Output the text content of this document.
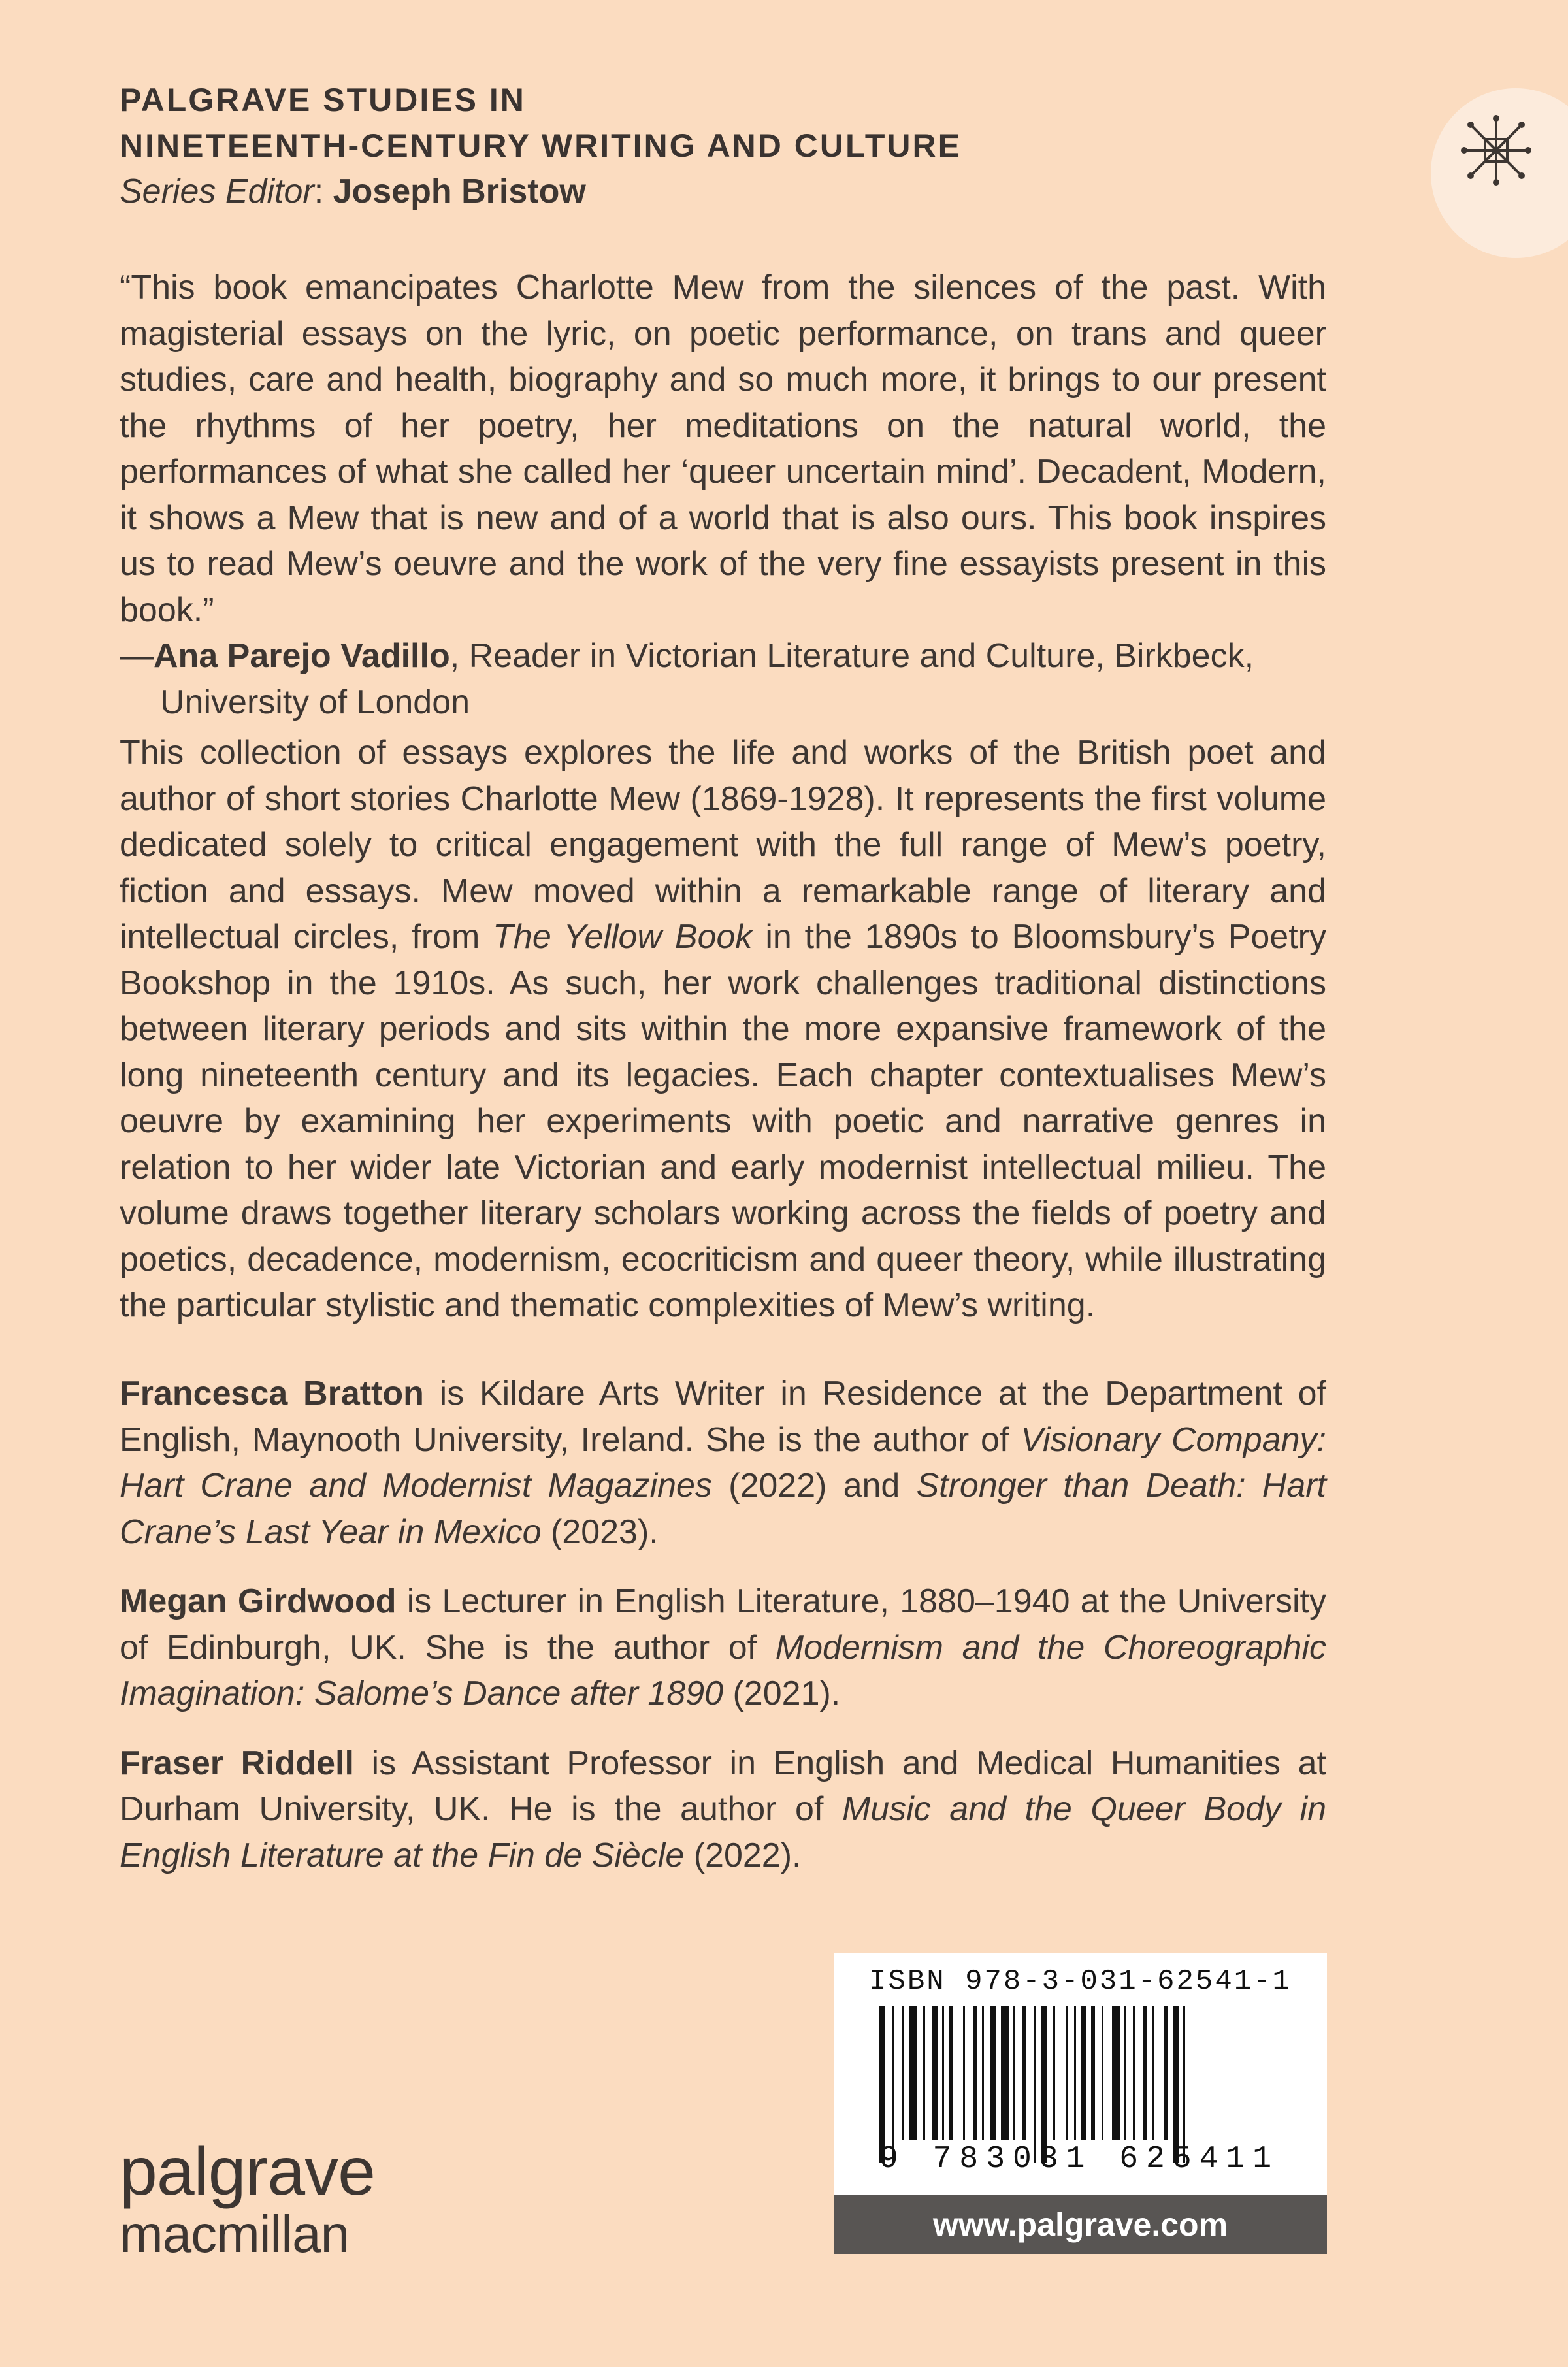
PALGRAVE STUDIES IN

NINETEENTH-CENTURY WRITING AND CULTURE

Series Editor: Joseph Bristow

“This book emancipates Charlotte Mew from the silences of the past. With magisterial essays on the lyric, on poetic performance, on trans and queer studies, care and health, biography and so much more, it brings to our present the rhythms of her poetry, her meditations on the natural world, the performances of what she called her ‘queer uncertain mind’. Decadent, Modern, it shows a Mew that is new and of a world that is also ours. This book inspires us to read Mew’s oeuvre and the work of the very fine essayists present in this book.”

—Ana Parejo Vadillo, Reader in Victorian Literature and Culture, Birkbeck, University of London

This collection of essays explores the life and works of the British poet and author of short stories Charlotte Mew (1869-1928). It represents the first volume dedicated solely to critical engagement with the full range of Mew’s poetry, fiction and essays. Mew moved within a remarkable range of literary and intellectual circles, from The Yellow Book in the 1890s to Bloomsbury’s Poetry Bookshop in the 1910s. As such, her work challenges traditional distinctions between literary periods and sits within the more expansive framework of the long nineteenth century and its legacies. Each chapter contextualises Mew’s oeuvre by examining her experiments with poetic and narrative genres in relation to her wider late Victorian and early modernist intellectual milieu. The volume draws together literary scholars working across the fields of poetry and poetics, decadence, modernism, ecocriticism and queer theory, while illustrating the particular stylistic and thematic complexities of Mew’s writing.

Francesca Bratton is Kildare Arts Writer in Residence at the Department of English, Maynooth University, Ireland. She is the author of Visionary Company: Hart Crane and Modernist Magazines (2022) and Stronger than Death: Hart Crane’s Last Year in Mexico (2023).

Megan Girdwood is Lecturer in English Literature, 1880–1940 at the University of Edinburgh, UK. She is the author of Modernism and the Choreographic Imagination: Salome’s Dance after 1890 (2021).

Fraser Riddell is Assistant Professor in English and Medical Humanities at Durham University, UK. He is the author of Music and the Queer Body in English Literature at the Fin de Siècle (2022).

palgrave
macmillan
ISBN 978-3-031-62541-1
9 783031 625411
www.palgrave.com
